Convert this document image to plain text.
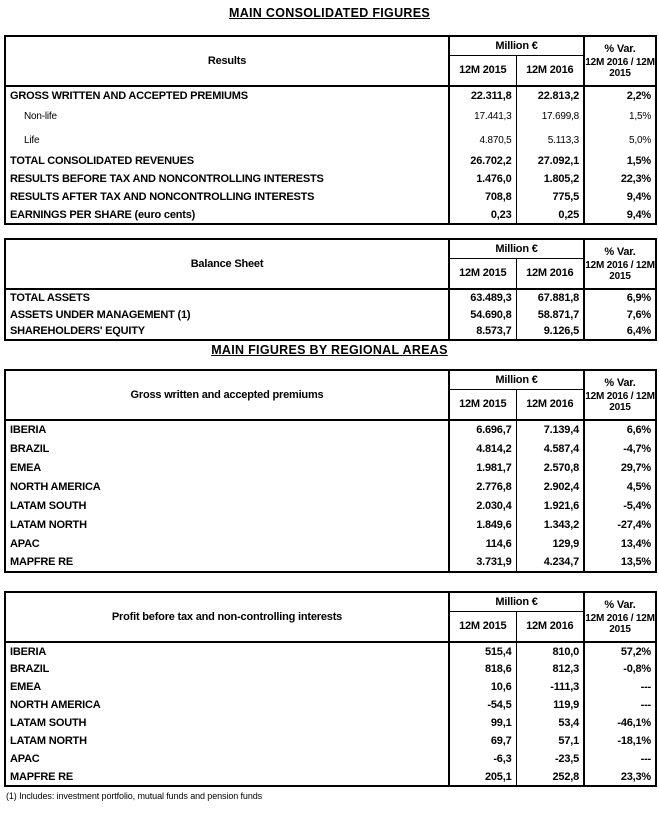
MAIN CONSOLIDATED FIGURES
Results	Million €		% Var.
12M 2016 / 12M 2015

	12M 2015	12M 2016	
GROSS WRITTEN AND ACCEPTED PREMIUMS	22.311,8	22.813,2	2,2%
Non-life	17.441,3	17.699,8	1,5%
Life	4.870,5	5.113,3	5,0%
TOTAL CONSOLIDATED REVENUES	26.702,2	27.092,1	1,5%
RESULTS BEFORE TAX AND NONCONTROLLING INTERESTS	1.476,0	1.805,2	22,3%
RESULTS AFTER TAX AND NONCONTROLLING INTERESTS	708,8	775,5	9,4%
EARNINGS PER SHARE (euro cents)	0,23	0,25	9,4%
Balance Sheet	Million €		% Var.
12M 2016 / 12M 2015

	12M 2015	12M 2016	
TOTAL ASSETS	63.489,3	67.881,8	6,9%
ASSETS UNDER MANAGEMENT (1)	54.690,8	58.871,7	7,6%
SHAREHOLDERS' EQUITY	8.573,7	9.126,5	6,4%
MAIN FIGURES BY REGIONAL AREAS
Gross written and accepted premiums	Million €		% Var.
12M 2016 / 12M 2015

	12M 2015	12M 2016	
IBERIA	6.696,7	7.139,4	6,6%
BRAZIL	4.814,2	4.587,4	-4,7%
EMEA	1.981,7	2.570,8	29,7%
NORTH AMERICA	2.776,8	2.902,4	4,5%
LATAM SOUTH	2.030,4	1.921,6	-5,4%
LATAM NORTH	1.849,6	1.343,2	-27,4%
APAC	114,6	129,9	13,4%
MAPFRE RE	3.731,9	4.234,7	13,5%
Profit before tax and non-controlling interests	Million €		% Var.
12M 2016 / 12M 2015

	12M 2015	12M 2016	
IBERIA	515,4	810,0	57,2%
BRAZIL	818,6	812,3	-0,8%
EMEA	10,6	-111,3	---
NORTH AMERICA	-54,5	119,9	---
LATAM SOUTH	99,1	53,4	-46,1%
LATAM NORTH	69,7	57,1	-18,1%
APAC	-6,3	-23,5	---
MAPFRE RE	205,1	252,8	23,3%
(1) Includes: investment portfolio, mutual funds and pension funds
